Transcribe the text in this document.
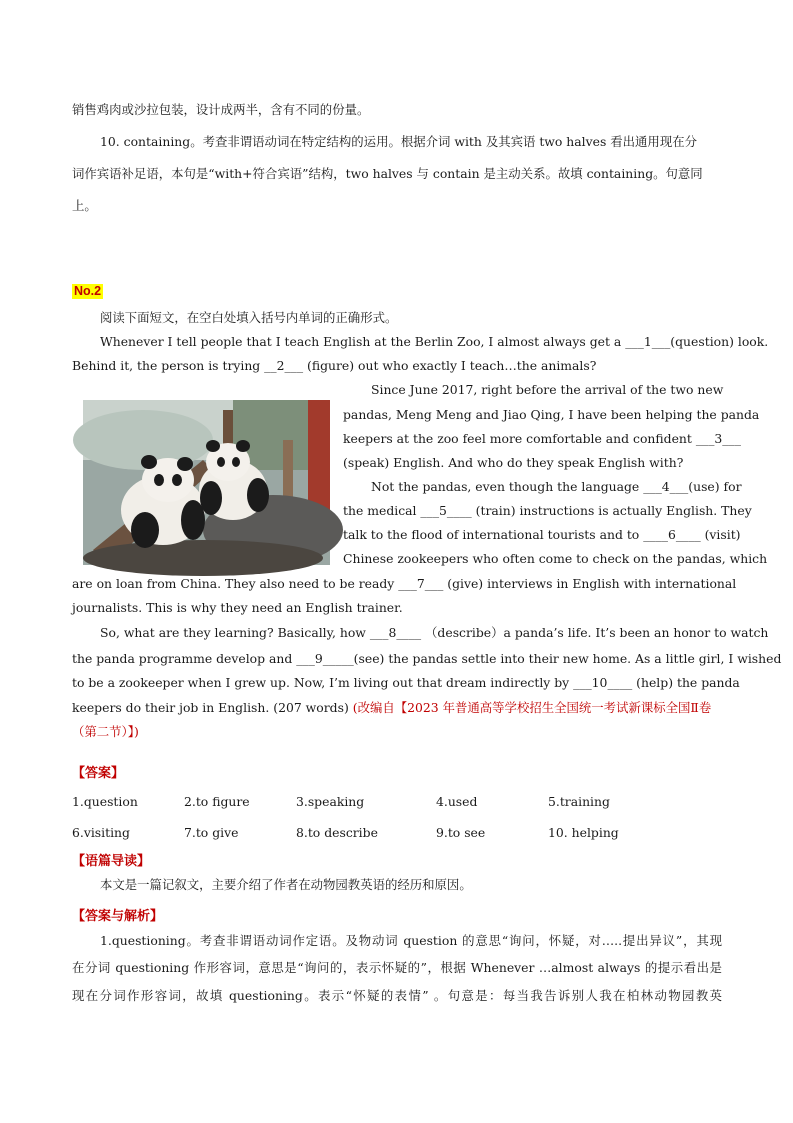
销售鸡肉或沙拉包装，设计成两半，含有不同的份量。
10. containing。考查非谓语动词在特定结构的运用。根据介词 with 及其宾语 two halves 看出通用现在分
词作宾语补足语，本句是“with+符合宾语”结构，two halves 与 contain 是主动关系。故填 containing。句意同
上。
No.2
阅读下面短文，在空白处填入括号内单词的正确形式。
Whenever I tell people that I teach English at the Berlin Zoo, I almost always get a ___1___(question) look.
Behind it, the person is trying __2___ (figure) out who exactly I teach…the animals?
Since June 2017, right before the arrival of the two new
pandas, Meng Meng and Jiao Qing, I have been helping the panda
keepers at the zoo feel more comfortable and confident ___3___
(speak) English. And who do they speak English with?
Not the pandas, even though the language ___4___(use) for
the medical ___5____ (train) instructions is actually English. They
talk to the flood of international tourists and to ____6____ (visit)
Chinese zookeepers who often come to check on the pandas, which
are on loan from China. They also need to be ready ___7___ (give) interviews in English with international
journalists. This is why they need an English trainer.
So, what are they learning? Basically, how ___8____ （describe）a panda’s life. It’s been an honor to watch
the panda programme develop and ___9_____(see) the pandas settle into their new home. As a little girl, I wished
to be a zookeeper when I grew up. Now, I’m living out that dream indirectly by ___10____ (help) the panda
keepers do their job in English. (207 words) (改编自【2023 年普通高等学校招生全国统一考试新课标全国Ⅱ卷
（第二节）】)
【答案】
1.question	2.to figure	3.speaking	4.used	5.training
6.visiting	7.to give	8.to describe	9.to see	10. helping
【语篇导读】
本文是一篇记叙文，主要介绍了作者在动物园教英语的经历和原因。
【答案与解析】
1.questioning。考查非谓语动词作定语。及物动词 question 的意思“询问，怀疑，对…..提出异议”，其现
在分词 questioning 作形容词，意思是“询问的，表示怀疑的”，根据 Whenever …almost always 的提示看出是
现在分词作形容词，故填 questioning。表示“怀疑的表情” 。句意是：每当我告诉别人我在柏林动物园教英
